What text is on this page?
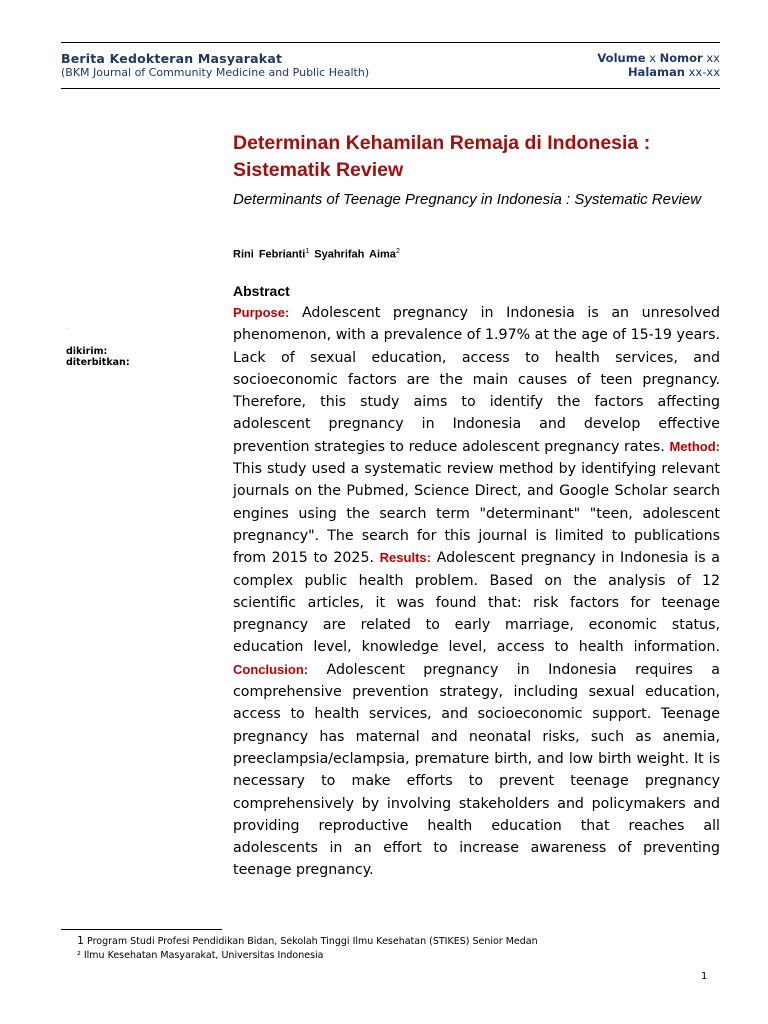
Berita Kedokteran Masyarakat
(BKM Journal of Community Medicine and Public Health)
Volume x Nomor xx
Halaman xx-xx
Determinan Kehamilan Remaja di Indonesia : Sistematik Review
Determinants of Teenage Pregnancy in Indonesia : Systematic Review
Rini Febrianti$^1$ Syahrifah Aima$^2$
·
dikirim:
diterbitkan:
Abstract
Purpose: Adolescent pregnancy in Indonesia is an unresolved phenomenon, with a prevalence of 1.97% at the age of 15-19 years. Lack of sexual education, access to health services, and socioeconomic factors are the main causes of teen pregnancy. Therefore, this study aims to identify the factors affecting adolescent pregnancy in Indonesia and develop effective prevention strategies to reduce adolescent pregnancy rates. Method: This study used a systematic review method by identifying relevant journals on the Pubmed, Science Direct, and Google Scholar search engines using the search term "determinant" "teen, adolescent pregnancy". The search for this journal is limited to publications from 2015 to 2025. Results: Adolescent pregnancy in Indonesia is a complex public health problem. Based on the analysis of 12 scientific articles, it was found that: risk factors for teenage pregnancy are related to early marriage, economic status, education level, knowledge level, access to health information. Conclusion: Adolescent pregnancy in Indonesia requires a comprehensive prevention strategy, including sexual education, access to health services, and socioeconomic support. Teenage pregnancy has maternal and neonatal risks, such as anemia, preeclampsia/eclampsia, premature birth, and low birth weight. It is necessary to make efforts to prevent teenage pregnancy comprehensively by involving stakeholders and policymakers and providing reproductive health education that reaches all adolescents in an effort to increase awareness of preventing teenage pregnancy.
1 Program Studi Profesi Pendidikan Bidan, Sekolah Tinggi Ilmu Kesehatan (STIKES) Senior Medan
² Ilmu Kesehatan Masyarakat, Universitas Indonesia
1
